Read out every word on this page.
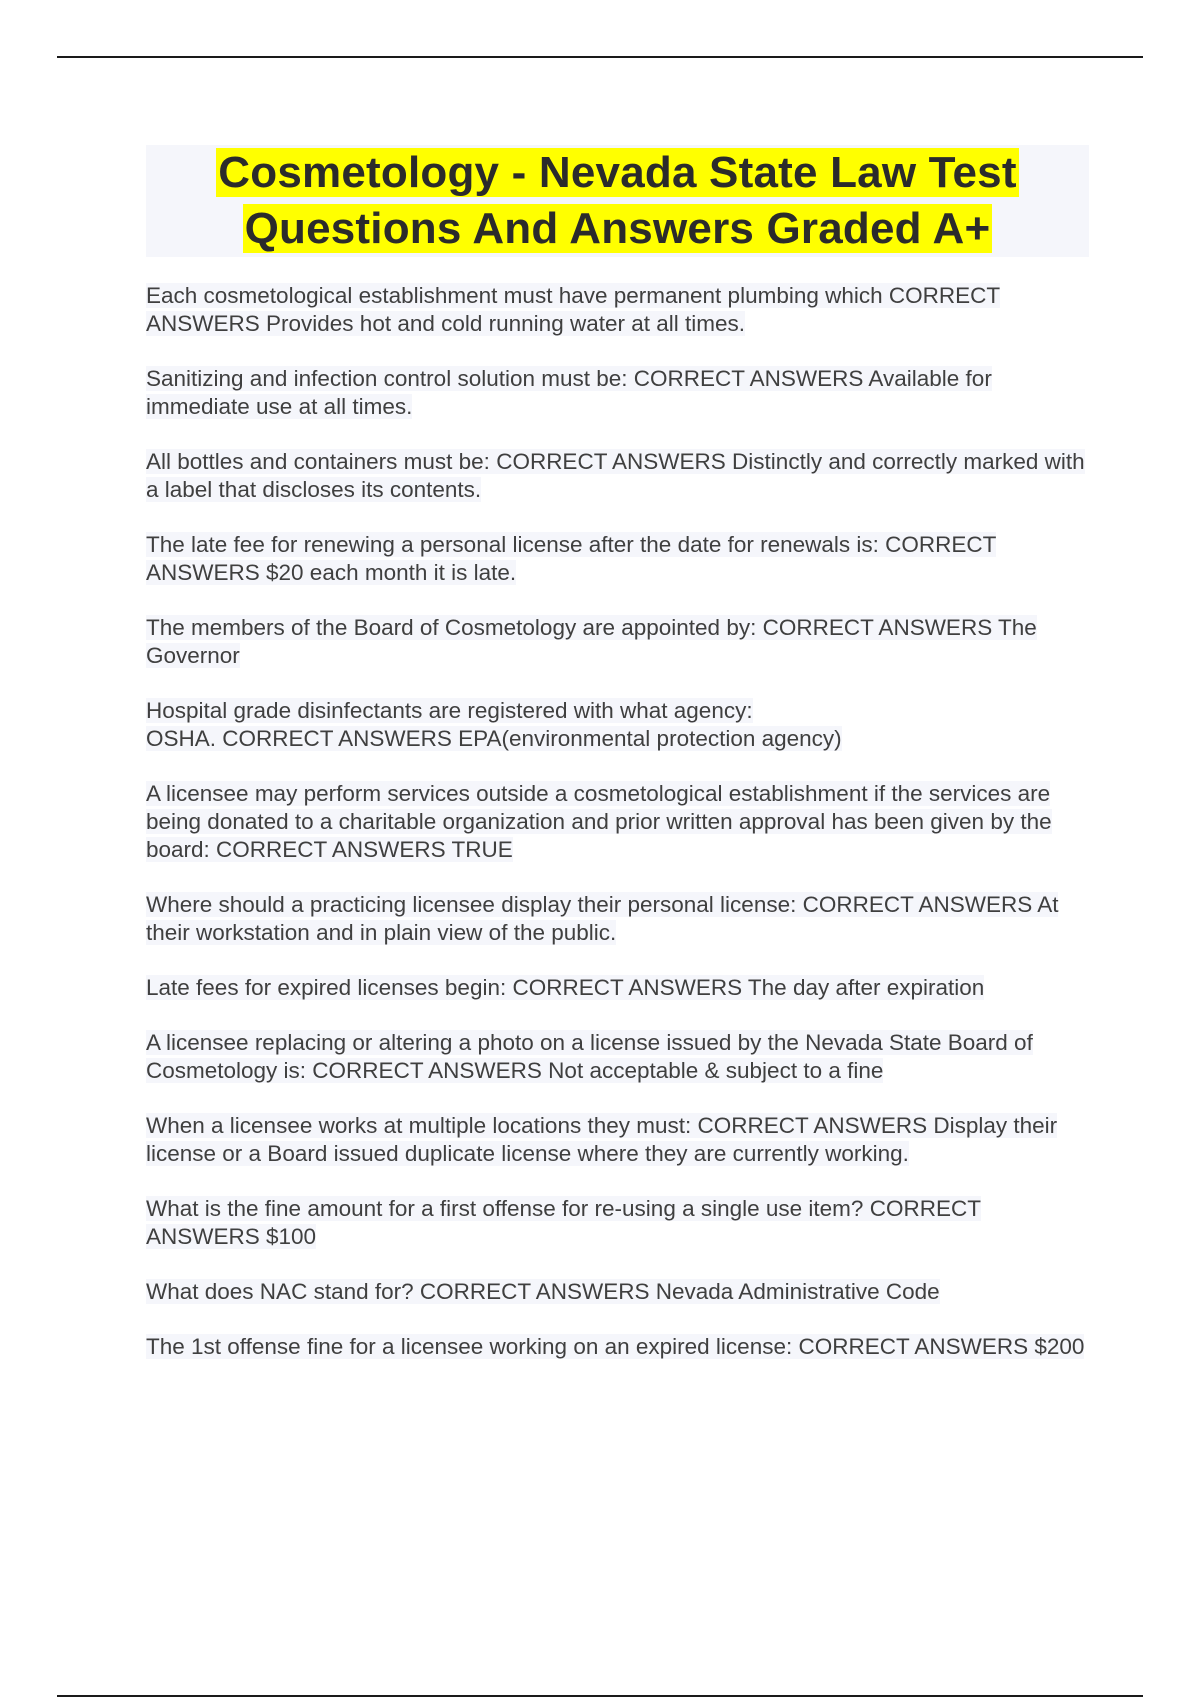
Cosmetology - Nevada State Law Test
Questions And Answers Graded A+
Each cosmetological establishment must have permanent plumbing which CORRECT ANSWERS Provides hot and cold running water at all times.
Sanitizing and infection control solution must be: CORRECT ANSWERS Available for immediate use at all times.
All bottles and containers must be: CORRECT ANSWERS Distinctly and correctly marked with a label that discloses its contents.
The late fee for renewing a personal license after the date for renewals is: CORRECT ANSWERS $20 each month it is late.
The members of the Board of Cosmetology are appointed by: CORRECT ANSWERS The Governor
Hospital grade disinfectants are registered with what agency:
OSHA. CORRECT ANSWERS EPA(environmental protection agency)
A licensee may perform services outside a cosmetological establishment if the services are being donated to a charitable organization and prior written approval has been given by the board: CORRECT ANSWERS TRUE
Where should a practicing licensee display their personal license: CORRECT ANSWERS At their workstation and in plain view of the public.
Late fees for expired licenses begin: CORRECT ANSWERS The day after expiration
A licensee replacing or altering a photo on a license issued by the Nevada State Board of Cosmetology is: CORRECT ANSWERS Not acceptable & subject to a fine
When a licensee works at multiple locations they must: CORRECT ANSWERS Display their license or a Board issued duplicate license where they are currently working.
What is the fine amount for a first offense for re-using a single use item? CORRECT ANSWERS $100
What does NAC stand for? CORRECT ANSWERS Nevada Administrative Code
The 1st offense fine for a licensee working on an expired license: CORRECT ANSWERS $200
